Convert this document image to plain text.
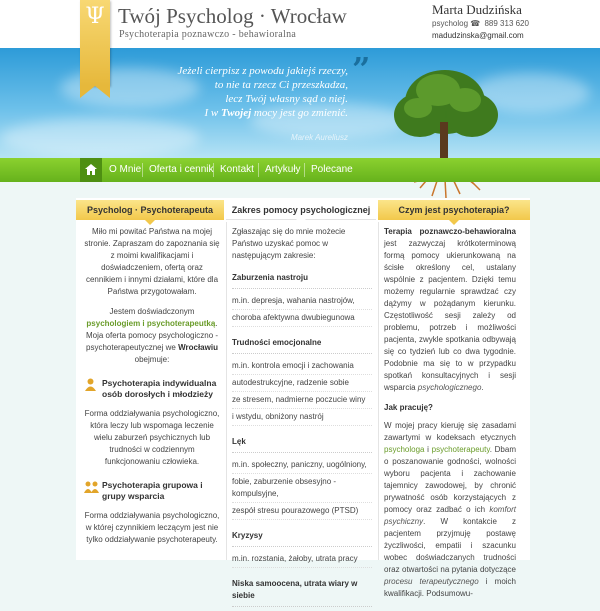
Jeżeli cierpisz z powodu jakiejś rzeczy,
to nie ta rzecz Ci przeszkadza,
lecz Twój własny sąd o niej.
I w Twojej mocy jest go zmienić.
”
Marek Aureliusz
Ψ Twój Psycholog · Wrocław
Psychoterapia poznawczo - behawioralna
Marta Dudzińska
psycholog ☎ 889 313 620
madudzinska@gmail.com
O Mnie Oferta i cennik Kontakt	Artykuły	Polecane
Psycholog · Psychoterapeuta	Zakres pomocy psychologicznej	Czym jest psychoterapia?

Miło mi powitać Państwa na mojej stronie. Zapraszam do zapoznania się z moimi kwalifikacjami i doświadczeniem, ofertą oraz cennikiem i innymi działami, które dla Państwa przygotowałam.

Jestem doświadczonym psychologiem i psychoterapeutką. Moja oferta pomocy psychologiczno - psychoterapeutycznej we Wrocławiu obejmuje:

Psychoterapia indywidualna osób dorosłych i młodzieży
Forma oddziaływania psychologiczno, która leczy lub wspomaga leczenie wielu zaburzeń psychicznych lub trudności w codziennym funkcjonowaniu człowieka.
Psychoterapia grupowa i grupy wsparcia
Forma oddziaływania psychologiczno, w której czynnikiem leczącym jest nie tylko oddziaływanie psychoterapeuty.

Zgłaszając się do mnie możecie Państwo uzyskać pomoc w następującym zakresie:

Zaburzenia nastroju
m.in. depresja, wahania nastrojów,
choroba afektywna dwubiegunowa
Trudności emocjonalne
m.in. kontrola emocji i zachowania
autodestrukcyjne, radzenie sobie
ze stresem, nadmierne poczucie winy
i wstydu, obniżony nastrój
Lęk
m.in. społeczny, paniczny, uogólniony,
fobie, zaburzenie obsesyjno - kompulsyjne,
zespół stresu pourazowego (PTSD)
Kryzysy
m.in. rozstania, żałoby, utrata pracy
Niska samoocena, utrata wiary w siebie

Terapia poznawczo-behawioralna jest zazwyczaj krótkoterminową formą pomocy ukierunkowaną na ścisłe określony cel, ustalany wspólnie z pacjentem. Dzięki temu możemy regularnie sprawdzać czy dążymy w pożądanym kierunku. Częstotliwość sesji zależy od problemu, potrzeb i możliwości pacjenta, zwykle spotkania odbywają się co tydzień lub co dwa tygodnie. Podobnie ma się to w przypadku spotkań konsultacyjnych i sesji wsparcia psychologicznego.

Jak pracuję?

W mojej pracy kieruję się zasadami zawartymi w kodeksach etycznych psychologa i psychoterapeuty. Dbam o poszanowanie godności, wolności wyboru pacjenta i zachowanie tajemnicy zawodowej, by chronić prywatność osób korzystających z pomocy oraz zadbać o ich komfort psychiczny. W kontakcie z pacjentem przyjmuję postawę życzliwości, empatii i szacunku wobec doświadczanych trudności oraz otwartości na pytania dotyczące procesu terapeutycznego i moich kwalifikacji. Podsumowu-
